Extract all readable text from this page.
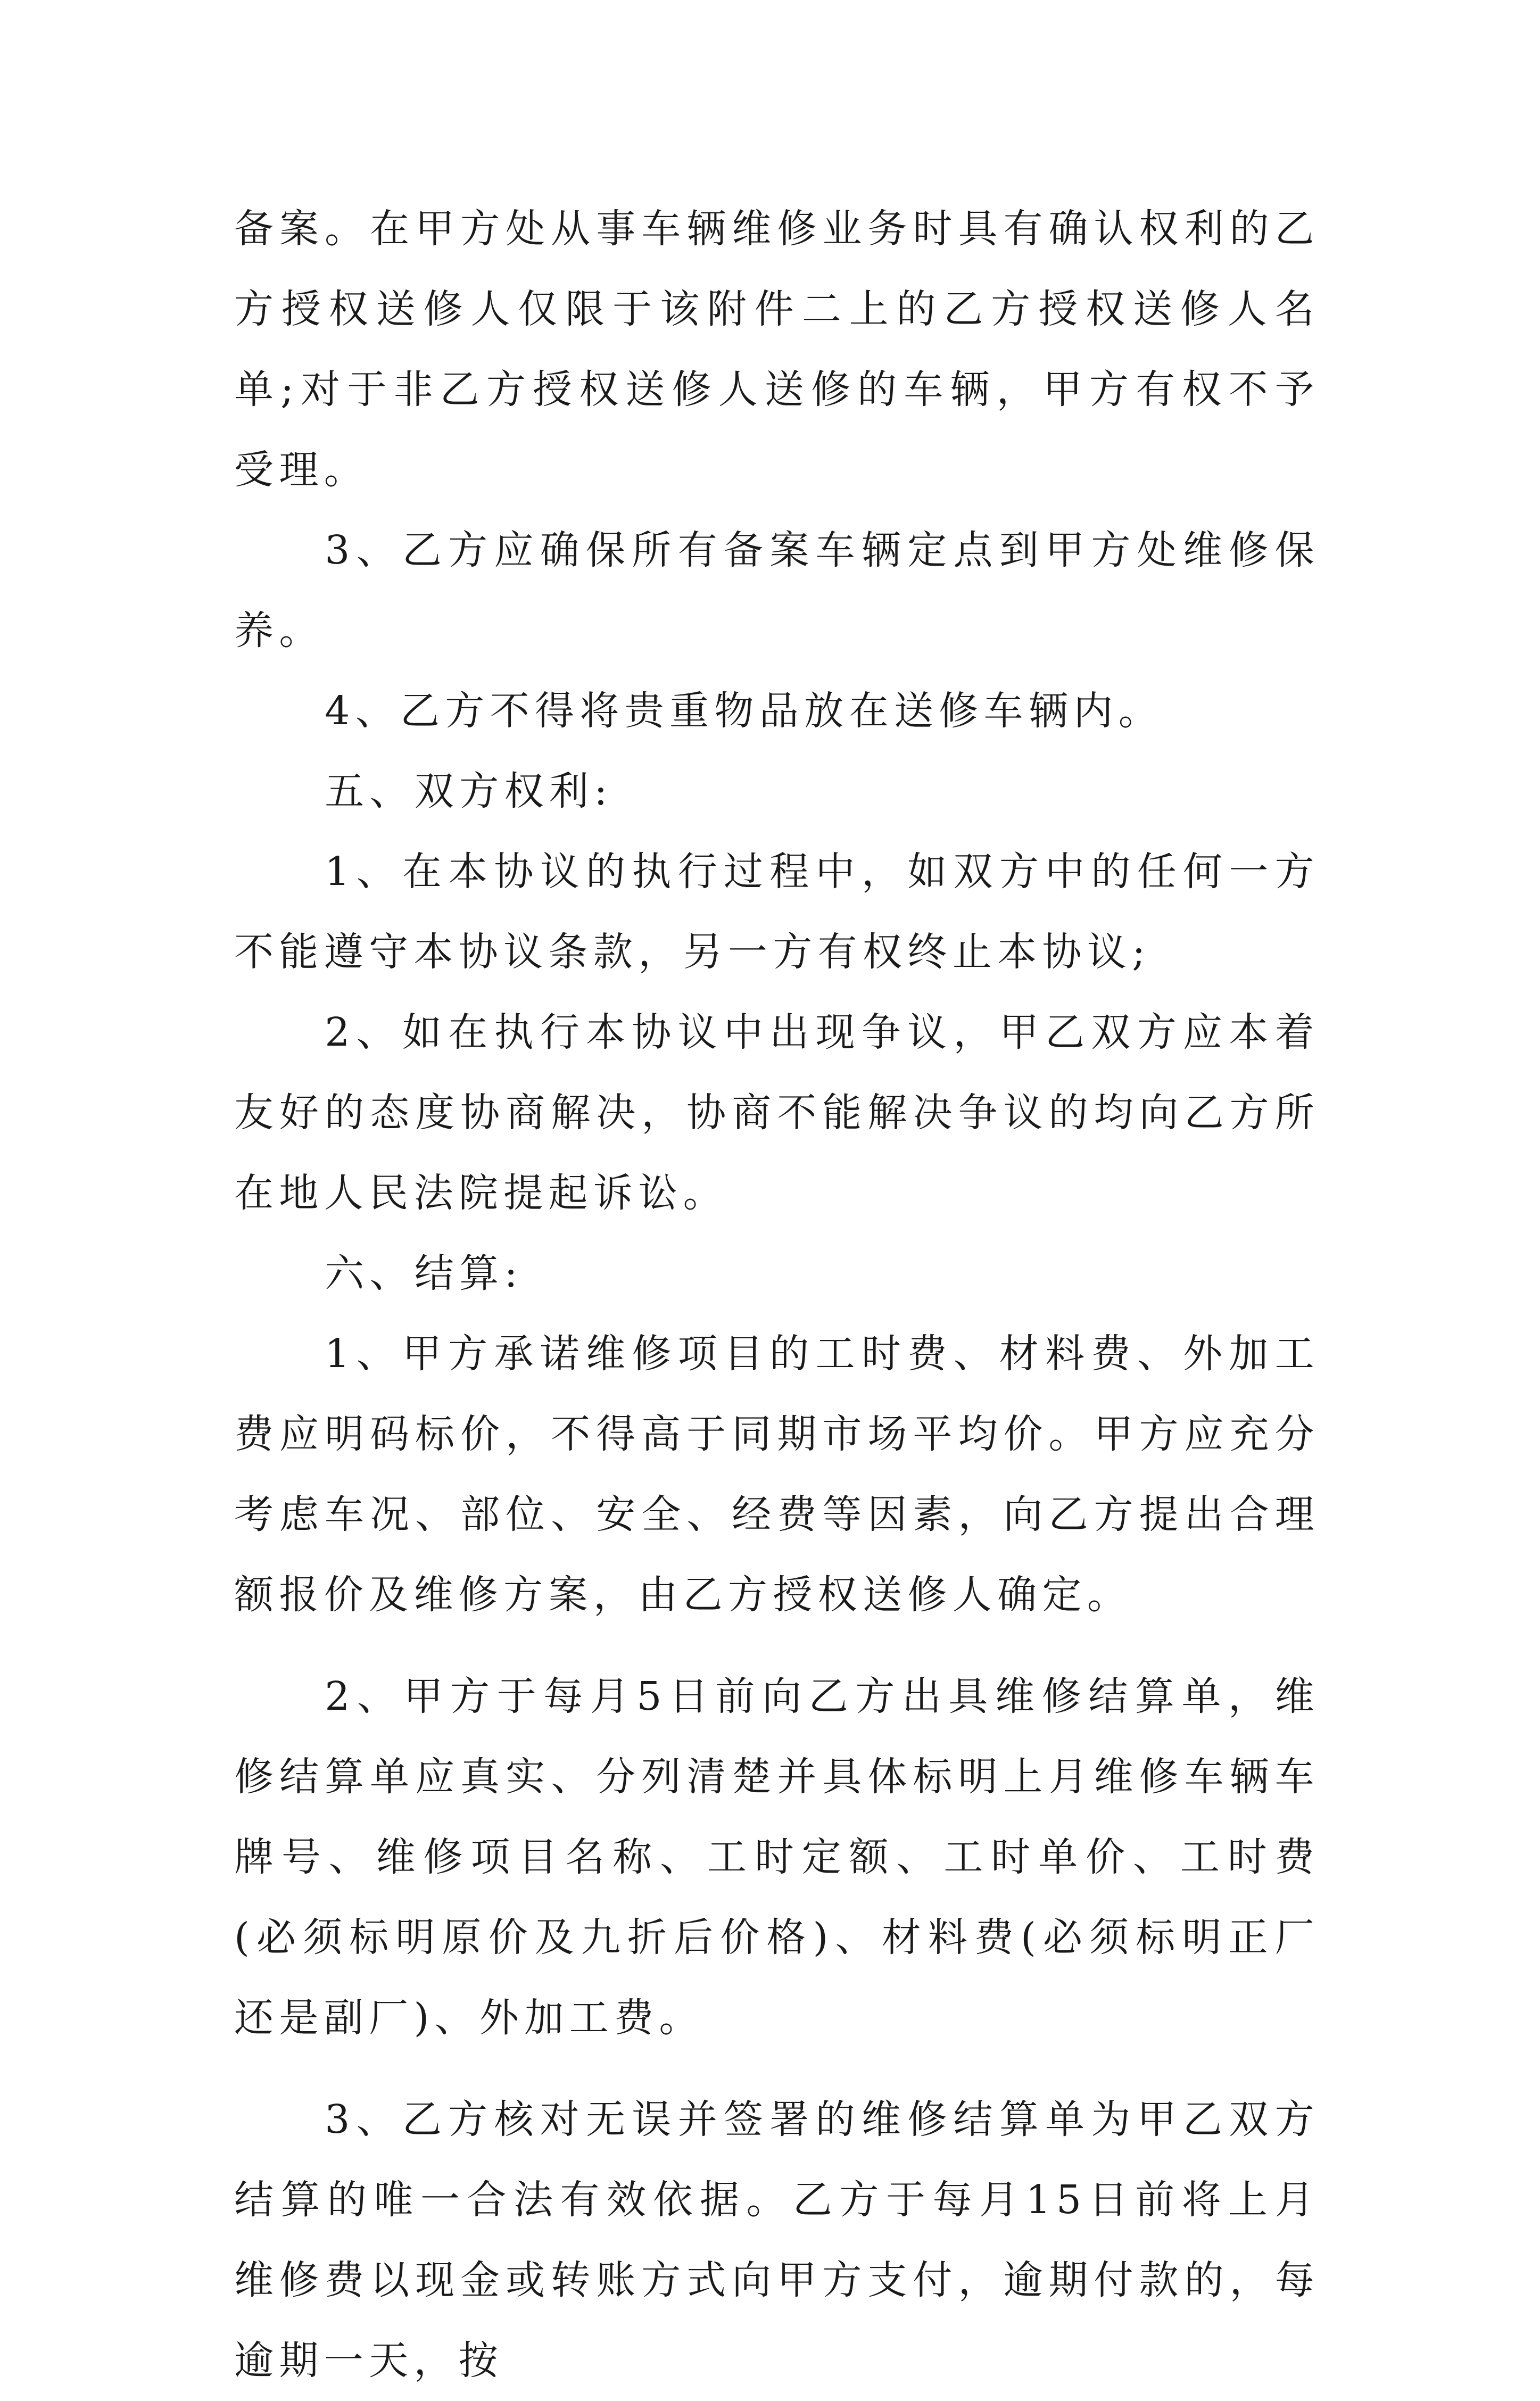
备案。在甲方处从事车辆维修业务时具有确认权利的乙方授权送修人仅限于该附件二上的乙方授权送修人名单;对于非乙方授权送修人送修的车辆，甲方有权不予受理。

3、乙方应确保所有备案车辆定点到甲方处维修保养。

4、乙方不得将贵重物品放在送修车辆内。

五、双方权利:

1、在本协议的执行过程中，如双方中的任何一方不能遵守本协议条款，另一方有权终止本协议;

2、如在执行本协议中出现争议，甲乙双方应本着友好的态度协商解决，协商不能解决争议的均向乙方所在地人民法院提起诉讼。

六、结算:

1、甲方承诺维修项目的工时费、材料费、外加工费应明码标价，不得高于同期市场平均价。甲方应充分考虑车况、部位、安全、经费等因素，向乙方提出合理额报价及维修方案，由乙方授权送修人确定。

2、甲方于每月5日前向乙方出具维修结算单，维修结算单应真实、分列清楚并具体标明上月维修车辆车牌号、维修项目名称、工时定额、工时单价、工时费(必须标明原价及九折后价格)、材料费(必须标明正厂还是副厂)、外加工费。

3、乙方核对无误并签署的维修结算单为甲乙双方结算的唯一合法有效依据。乙方于每月15日前将上月维修费以现金或转账方式向甲方支付，逾期付款的，每逾期一天，按
